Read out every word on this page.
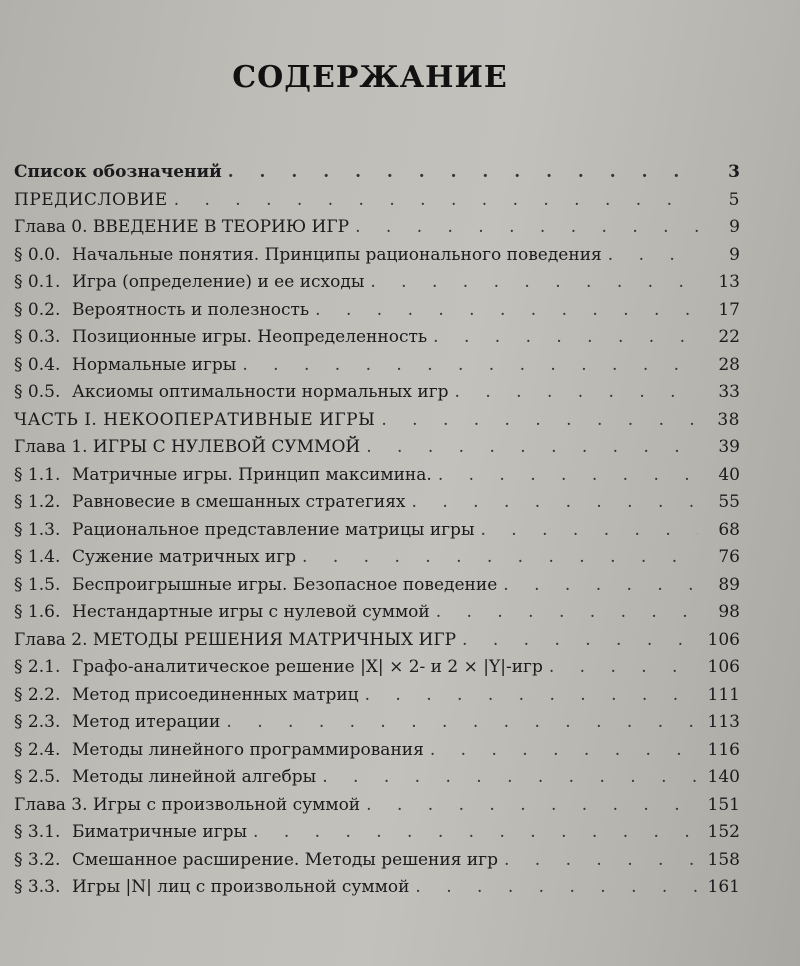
СОДЕРЖАНИЕ
Список обозначений . . .	3
ПРЕДИСЛОВИЕ . . .	5
Глава 0. ВВЕДЕНИЕ В ТЕОРИЮ ИГР . . .	9
§ 0.0. Начальные понятия. Принципы рационального поведения . . .	9
§ 0.1. Игра (определение) и ее исходы . . .	13
§ 0.2. Вероятность и полезность . . .	17
§ 0.3. Позиционные игры. Неопределенность . . .	22
§ 0.4. Нормальные игры . . .	28
§ 0.5. Аксиомы оптимальности нормальных игр . . .	33
ЧАСТЬ I. НЕКООПЕРАТИВНЫЕ ИГРЫ . . .	38
Глава 1. ИГРЫ С НУЛЕВОЙ СУММОЙ . . .	39
§ 1.1. Матричные игры. Принцип максимина. . . .	40
§ 1.2. Равновесие в смешанных стратегиях . . .	55
§ 1.3. Рациональное представление матрицы игры . . .	68
§ 1.4. Сужение матричных игр . . .	76
§ 1.5. Беспроигрышные игры. Безопасное поведение . . .	89
§ 1.6. Нестандартные игры с нулевой суммой . . .	98
Глава 2. МЕТОДЫ РЕШЕНИЯ МАТРИЧНЫХ ИГР . . .	106
§ 2.1. Графо-аналитическое решение |X| × 2- и 2 × |Y|-игр . . .	106
§ 2.2. Метод присоединенных матриц . . .	111
§ 2.3. Метод итерации . . .	113
§ 2.4. Методы линейного программирования . . .	116
§ 2.5. Методы линейной алгебры . . .	140
Глава 3. Игры с произвольной суммой . . .	151
§ 3.1. Биматричные игры . . .	152
§ 3.2. Смешанное расширение. Методы решения игр . . .	158
§ 3.3. Игры |N| лиц с произвольной суммой . . .	161
